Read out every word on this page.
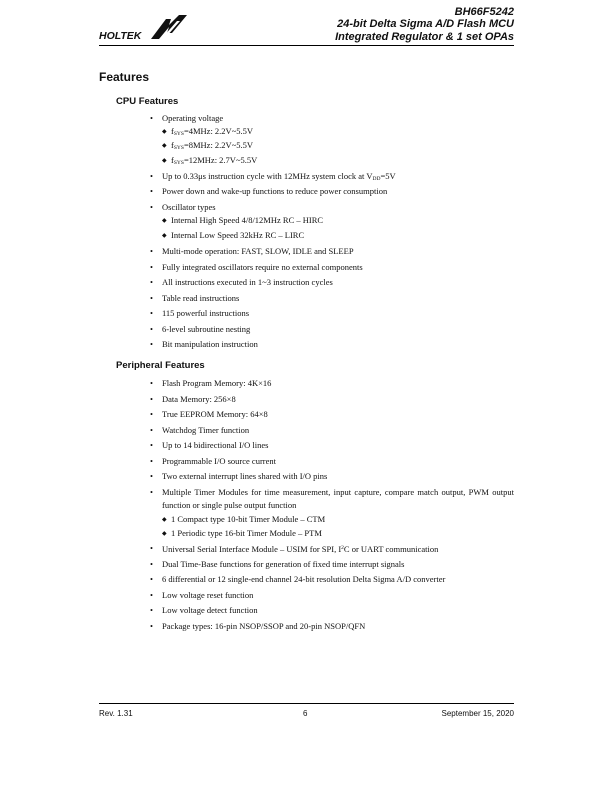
HOLTEK
BH66F5242
24-bit Delta Sigma A/D Flash MCU
Integrated Regulator & 1 set OPAs
Features
CPU Features
• Operating voltage
◆ $f_{SYS}=4MHz$: 2.2V~5.5V
◆ $f_{SYS}=8MHz$: 2.2V~5.5V
◆ $f_{SYS}=12MHz$: 2.7V~5.5V
• Up to 0.33μs instruction cycle with 12MHz system clock at $V_{DD}=5V$
• Power down and wake-up functions to reduce power consumption
• Oscillator types
◆ Internal High Speed 4/8/12MHz RC – HIRC
◆ Internal Low Speed 32kHz RC – LIRC
• Multi-mode operation: FAST, SLOW, IDLE and SLEEP
• Fully integrated oscillators require no external components
• All instructions executed in 1~3 instruction cycles
• Table read instructions
• 115 powerful instructions
• 6-level subroutine nesting
• Bit manipulation instruction
Peripheral Features
• Flash Program Memory: 4K×16
• Data Memory: 256×8
• True EEPROM Memory: 64×8
• Watchdog Timer function
• Up to 14 bidirectional I/O lines
• Programmable I/O source current
• Two external interrupt lines shared with I/O pins
• Multiple Timer Modules for time measurement, input capture, compare match output, PWM output function or single pulse output function
◆ 1 Compact type 10-bit Timer Module – CTM
◆ 1 Periodic type 16-bit Timer Module – PTM
• Universal Serial Interface Module – USIM for SPI, $I^2C$ or UART communication
• Dual Time-Base functions for generation of fixed time interrupt signals
• 6 differential or 12 single-end channel 24-bit resolution Delta Sigma A/D converter
• Low voltage reset function
• Low voltage detect function
• Package types: 16-pin NSOP/SSOP and 20-pin NSOP/QFN
Rev. 1.31	6	September 15, 2020
